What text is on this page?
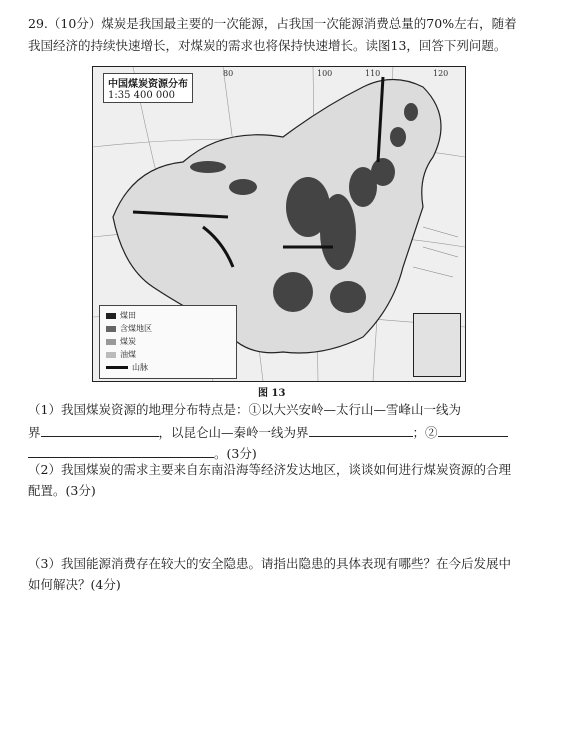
29.（10分）煤炭是我国最主要的一次能源，占我国一次能源消费总量的70%左右，随着
我国经济的持续快速增长，对煤炭的需求也将保持快速增长。读图13，回答下列问题。
中国煤炭资源分布
1:35 400 000
80	100	110	120
煤田
含煤地区
煤炭
油煤
山脉
图 13
（1）我国煤炭资源的地理分布特点是：①以大兴安岭—太行山—雪峰山一线为
界	，以昆仑山—秦岭一线为界	；②
。(3分)
（2）我国煤炭的需求主要来自东南沿海等经济发达地区，谈谈如何进行煤炭资源的合理
配置。(3分)
（3）我国能源消费存在较大的安全隐患。请指出隐患的具体表现有哪些？在今后发展中
如何解决？(4分)
